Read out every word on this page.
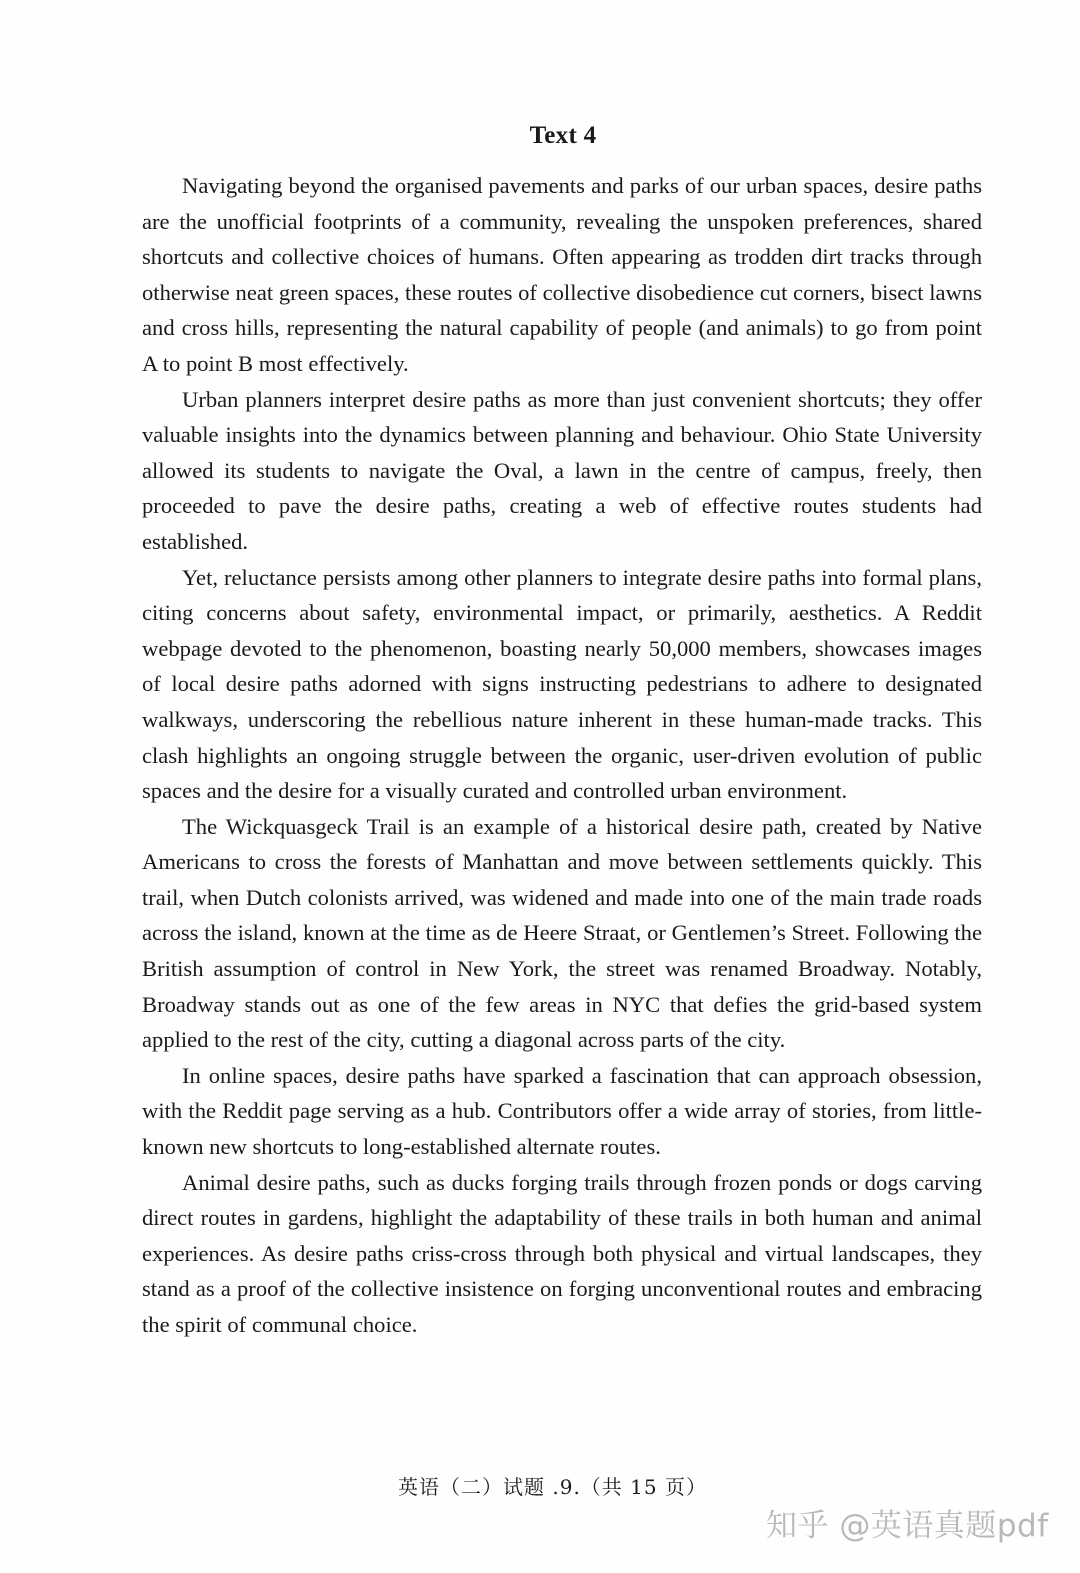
Text 4

Navigating beyond the organised pavements and parks of our urban spaces, desire paths are the unofficial footprints of a community, revealing the unspoken preferences, shared shortcuts and collective choices of humans. Often appearing as trodden dirt tracks through otherwise neat green spaces, these routes of collective disobedience cut corners, bisect lawns and cross hills, representing the natural capability of people (and animals) to go from point A to point B most effectively.

Urban planners interpret desire paths as more than just convenient shortcuts; they offer valuable insights into the dynamics between planning and behaviour. Ohio State University allowed its students to navigate the Oval, a lawn in the centre of campus, freely, then proceeded to pave the desire paths, creating a web of effective routes students had established.

Yet, reluctance persists among other planners to integrate desire paths into formal plans, citing concerns about safety, environmental impact, or primarily, aesthetics. A Reddit webpage devoted to the phenomenon, boasting nearly 50,000 members, showcases images of local desire paths adorned with signs instructing pedestrians to adhere to designated walkways, underscoring the rebellious nature inherent in these human-made tracks. This clash highlights an ongoing struggle between the organic, user-driven evolution of public spaces and the desire for a visually curated and controlled urban environment.

The Wickquasgeck Trail is an example of a historical desire path, created by Native Americans to cross the forests of Manhattan and move between settlements quickly. This trail, when Dutch colonists arrived, was widened and made into one of the main trade roads across the island, known at the time as de Heere Straat, or Gentlemen’s Street. Following the British assumption of control in New York, the street was renamed Broadway. Notably, Broadway stands out as one of the few areas in NYC that defies the grid-based system applied to the rest of the city, cutting a diagonal across parts of the city.

In online spaces, desire paths have sparked a fascination that can approach obsession, with the Reddit page serving as a hub. Contributors offer a wide array of stories, from little-known new shortcuts to long-established alternate routes.

Animal desire paths, such as ducks forging trails through frozen ponds or dogs carving direct routes in gardens, highlight the adaptability of these trails in both human and animal experiences. As desire paths criss-cross through both physical and virtual landscapes, they stand as a proof of the collective insistence on forging unconventional routes and embracing the spirit of communal choice.

英语（二）试题 .9.（共 15 页）
知乎 @英语真题pdf
